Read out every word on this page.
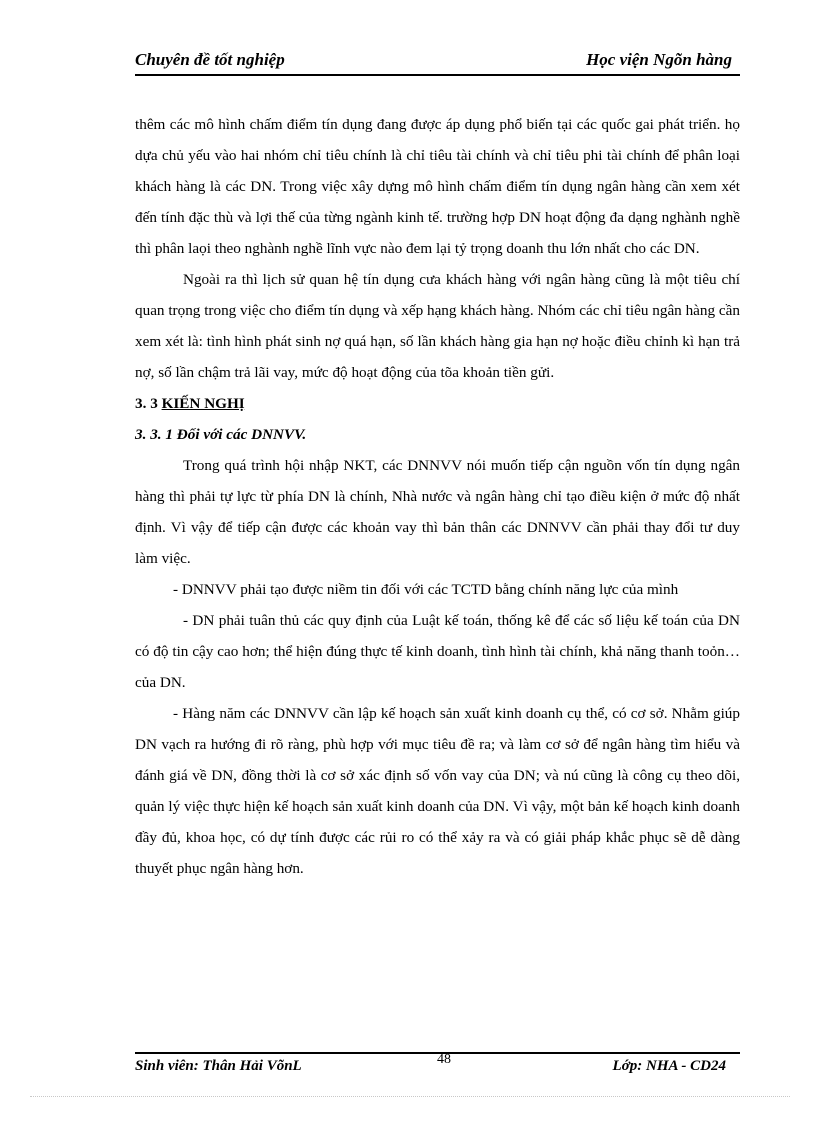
Chuyên đề tốt nghiệp	Học viện Ngõn hàng

thêm các mô hình chấm điểm tín dụng đang được áp dụng phổ biến tại các quốc gai phát triển. họ dựa chủ yếu vào hai nhóm chỉ tiêu chính là chỉ tiêu tài chính và chỉ tiêu phi tài chính để phân loại khách hàng là các DN. Trong việc xây dựng mô hình chấm điểm tín dụng ngân hàng cần xem xét đến tính đặc thù và lợi thế của từng ngành kinh tế. trường hợp DN hoạt động đa dạng nghành nghề thì phân laọi theo nghành nghề lĩnh vực nào đem lại tỷ trọng doanh thu lớn nhất cho các DN.

Ngoài ra thì lịch sử quan hệ tín dụng cưa khách hàng với ngân hàng cũng là một tiêu chí quan trọng trong việc cho điểm tín dụng và xếp hạng khách hàng. Nhóm các chỉ tiêu ngân hàng cần xem xét là: tình hình phát sinh nợ quá hạn, số lần khách hàng gia hạn nợ hoặc điều chỉnh kì hạn trả nợ, số lần chậm trả lãi vay, mức độ hoạt động của tõa khoản tiền gửi.

3. 3 KIẾN NGHỊ

3. 3. 1 Đối với các DNNVV.

Trong quá trình hội nhập NKT, các DNNVV nói muốn tiếp cận nguồn vốn tín dụng ngân hàng thì phải tự lực từ phía DN là chính, Nhà nước và ngân hàng chỉ tạo điều kiện ở mức độ nhất định. Vì vậy để tiếp cận được các khoản vay thì bản thân các DNNVV cần phải thay đổi tư duy làm việc.

- DNNVV phải tạo được niềm tin đối với các TCTD bằng chính năng lực của mình

- DN phải tuân thủ các quy định của Luật kế toán, thống kê để các số liệu kế toán của DN có độ tin cậy cao hơn; thể hiện đúng thực tế kinh doanh, tình hình tài chính, khả năng thanh toỏn…của DN.

- Hàng năm các DNNVV cần lập kế hoạch sản xuất kinh doanh cụ thể, có cơ sở. Nhằm giúp DN vạch ra hướng đi rõ ràng, phù hợp với mục tiêu đề ra; và làm cơ sở để ngân hàng tìm hiểu và đánh giá về DN, đồng thời là cơ sở xác định số vốn vay của DN; và nú cũng là công cụ theo dõi, quản lý việc thực hiện kế hoạch sản xuất kinh doanh của DN. Vì vậy, một bản kế hoạch kinh doanh đầy đủ, khoa học, có dự tính được các rủi ro có thể xảy ra và có giải pháp khắc phục sẽ dễ dàng thuyết phục ngân hàng hơn.

Sinh viên: Thân Hải VõnL	48	Lớp: NHA - CD24
